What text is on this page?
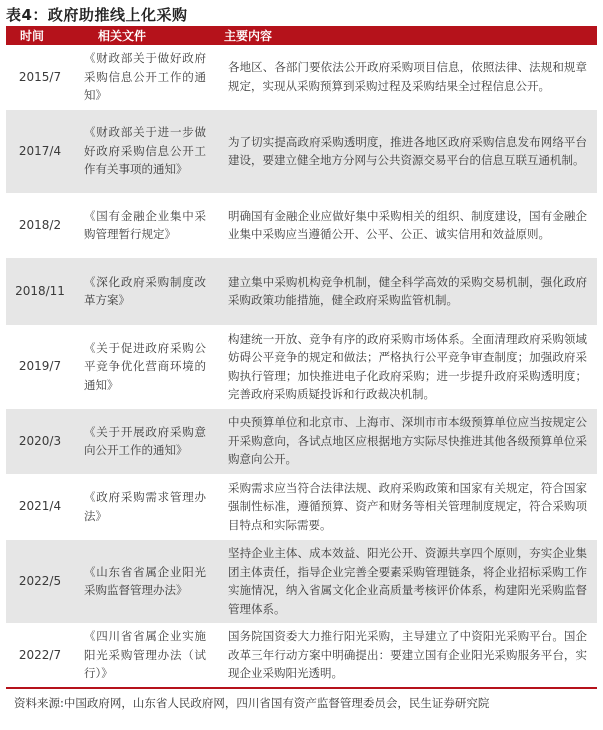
表4：政府助推线上化采购
时间	相关文件	主要内容
2015/7	《财政部关于做好政府采购信息公开工作的通知》	各地区、各部门要依法公开政府采购项目信息，依照法律、法规和规章规定，实现从采购预算到采购过程及采购结果全过程信息公开。
2017/4	《财政部关于进一步做好政府采购信息公开工作有关事项的通知》	为了切实提高政府采购透明度，推进各地区政府采购信息发布网络平台建设，要建立健全地方分网与公共资源交易平台的信息互联互通机制。
2018/2	《国有金融企业集中采购管理暂行规定》	明确国有金融企业应做好集中采购相关的组织、制度建设，国有金融企业集中采购应当遵循公开、公平、公正、诚实信用和效益原则。
2018/11	《深化政府采购制度改革方案》	建立集中采购机构竞争机制，健全科学高效的采购交易机制，强化政府采购政策功能措施，健全政府采购监管机制。
2019/7	《关于促进政府采购公平竞争优化营商环境的通知》	构建统一开放、竞争有序的政府采购市场体系。全面清理政府采购领域妨碍公平竞争的规定和做法；严格执行公平竞争审查制度；加强政府采购执行管理；加快推进电子化政府采购；进一步提升政府采购透明度；完善政府采购质疑投诉和行政裁决机制。
2020/3	《关于开展政府采购意向公开工作的通知》	中央预算单位和北京市、上海市、深圳市市本级预算单位应当按规定公开采购意向，各试点地区应根据地方实际尽快推进其他各级预算单位采购意向公开。
2021/4	《政府采购需求管理办法》	采购需求应当符合法律法规、政府采购政策和国家有关规定，符合国家强制性标准，遵循预算、资产和财务等相关管理制度规定，符合采购项目特点和实际需要。
2022/5	《山东省省属企业阳光采购监督管理办法》	坚持企业主体、成本效益、阳光公开、资源共享四个原则，夯实企业集团主体责任，指导企业完善全要素采购管理链条，将企业招标采购工作实施情况，纳入省属文化企业高质量考核评价体系，构建阳光采购监督管理体系。
2022/7	《四川省省属企业实施阳光采购管理办法（试行）》	国务院国资委大力推行阳光采购，主导建立了中资阳光采购平台。国企改革三年行动方案中明确提出：要建立国有企业阳光采购服务平台，实现企业采购阳光透明。
资料来源:中国政府网，山东省人民政府网，四川省国有资产监督管理委员会，民生证券研究院
